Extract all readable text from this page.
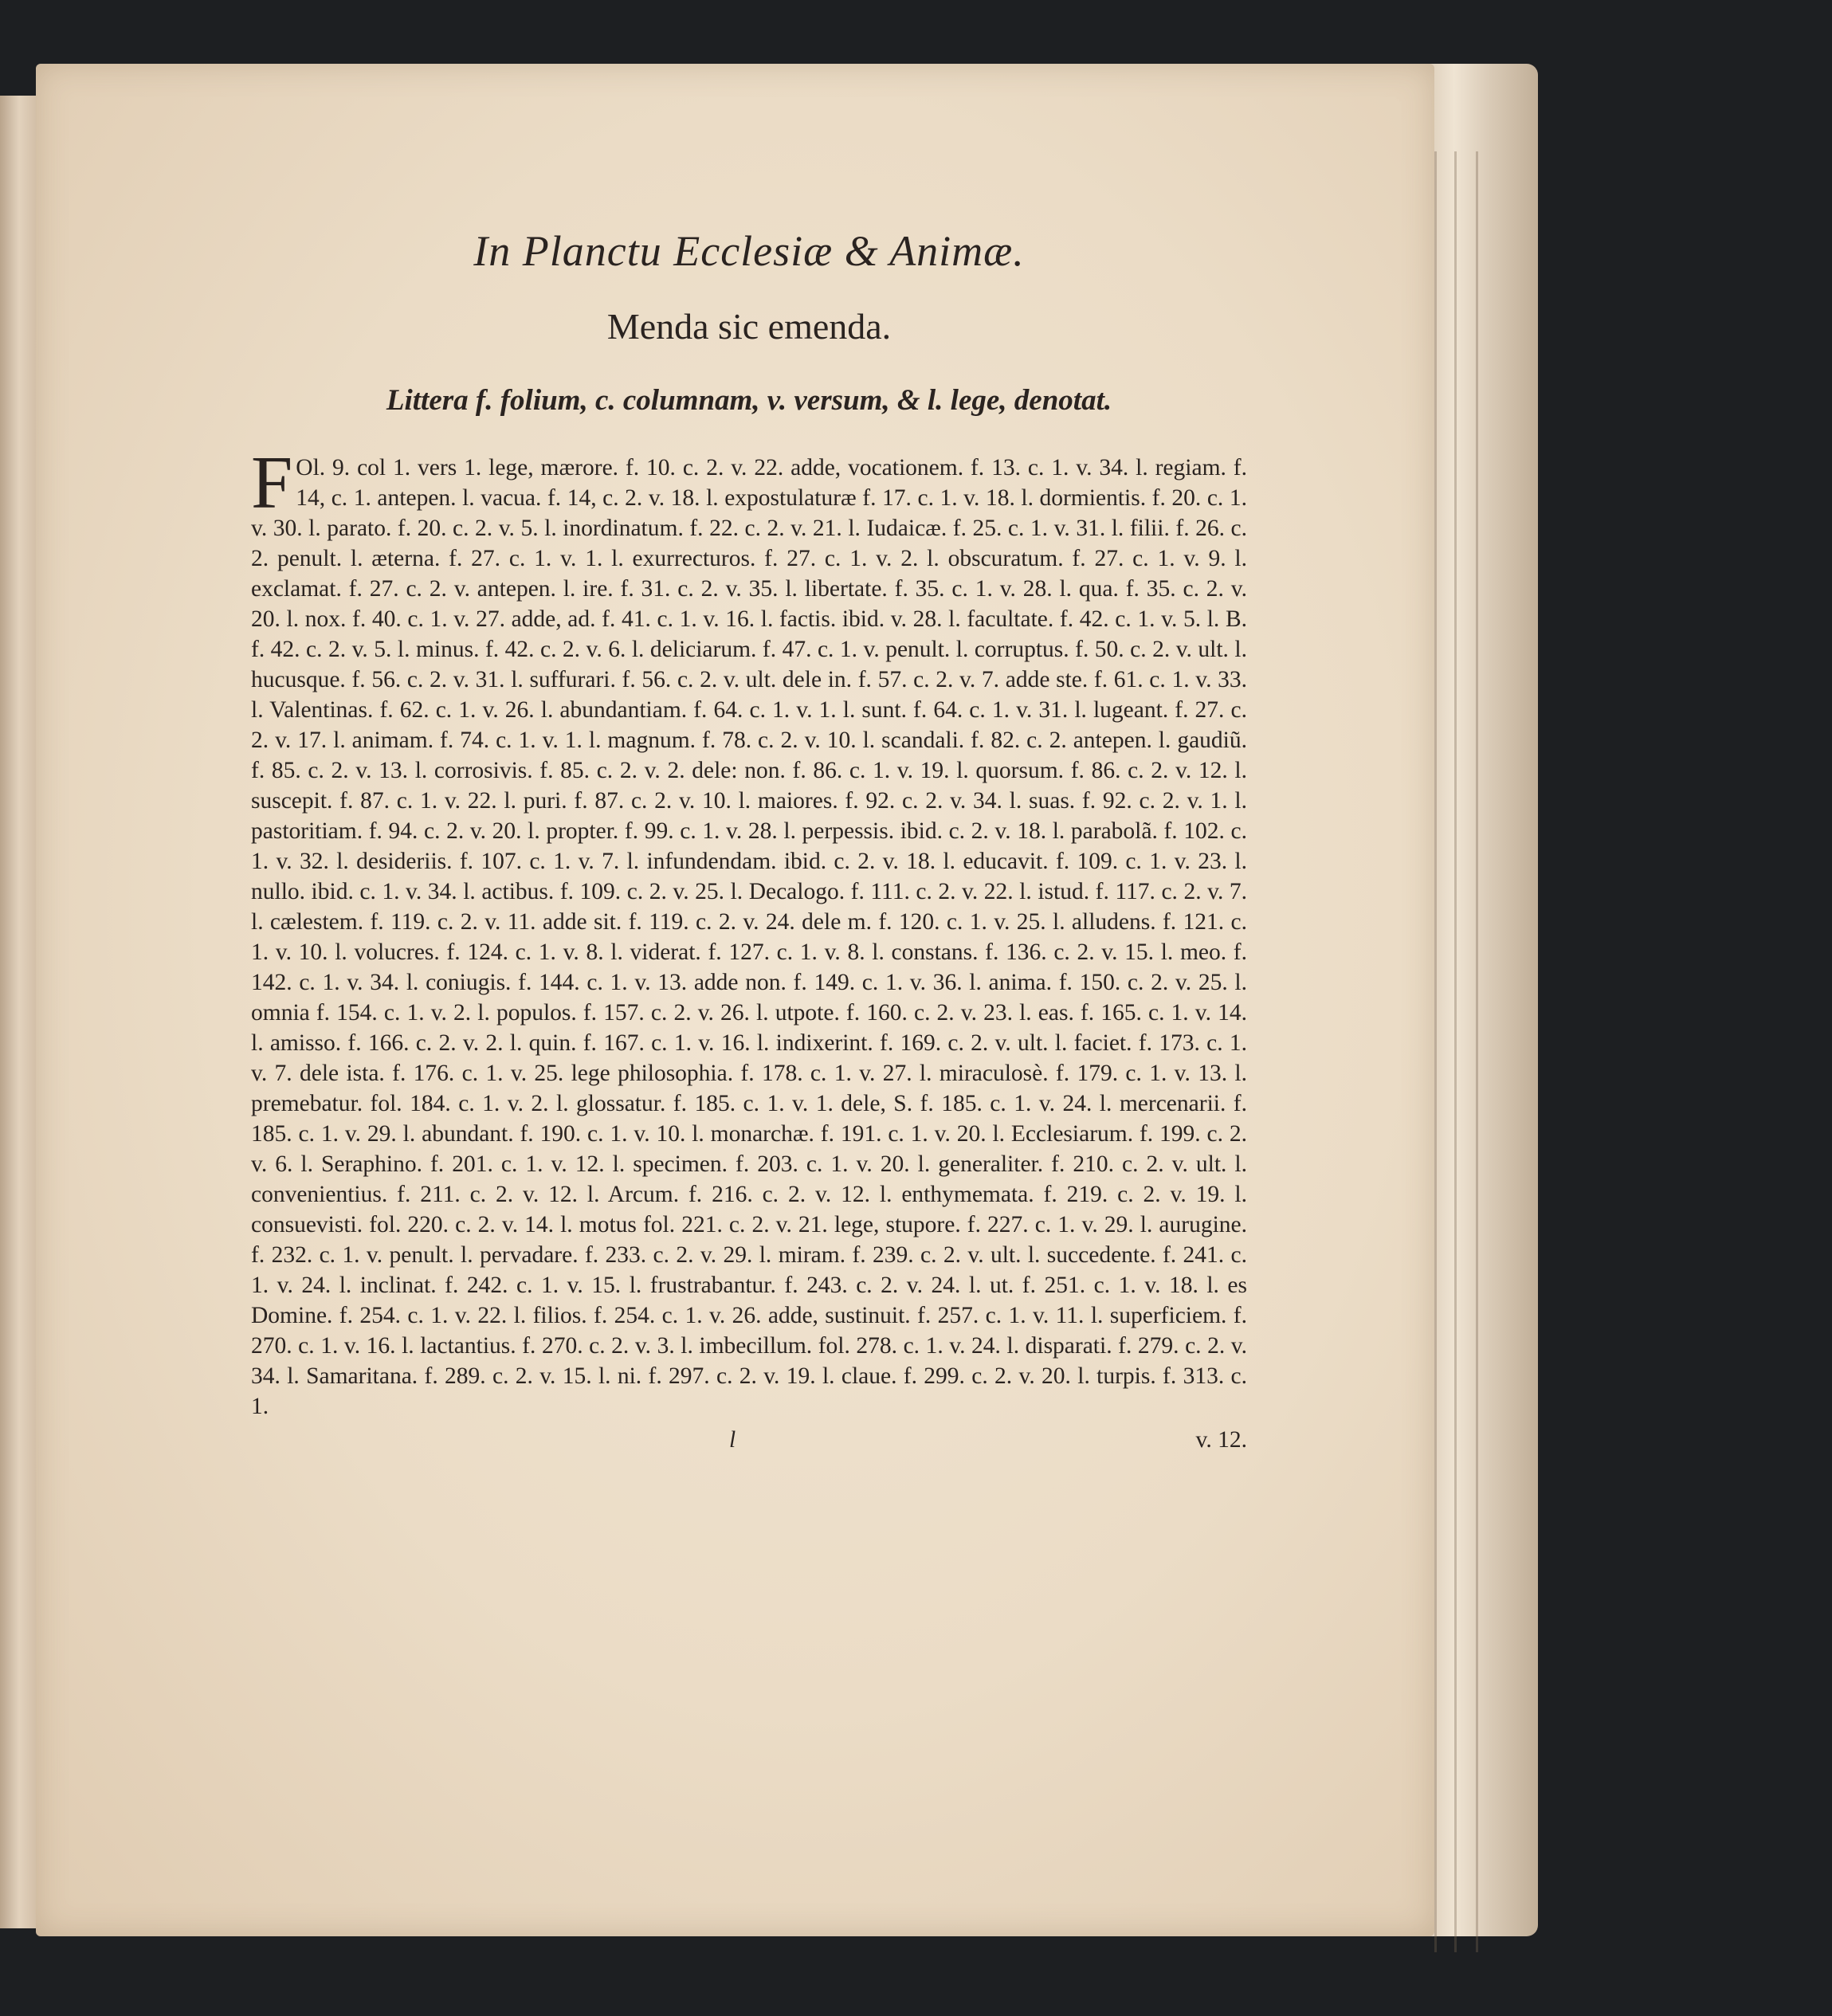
In Planctu Ecclesiæ & Animæ.
Menda sic emenda.
Littera f. folium, c. columnam, v. versum, & l. lege, denotat.

F Ol. 9. col 1. vers 1. lege, mærore. f. 10. c. 2. v. 22. adde, vocationem. f. 13. c. 1. v. 34. l. regiam. f. 14, c. 1. antepen. l. vacua. f. 14, c. 2. v. 18. l. expostulaturæ f. 17. c. 1. v. 18. l. dormientis. f. 20. c. 1. v. 30. l. parato. f. 20. c. 2. v. 5. l. inordinatum. f. 22. c. 2. v. 21. l. Iudaicæ. f. 25. c. 1. v. 31. l. filii. f. 26. c. 2. penult. l. æterna. f. 27. c. 1. v. 1. l. exurrecturos. f. 27. c. 1. v. 2. l. obscuratum. f. 27. c. 1. v. 9. l. exclamat. f. 27. c. 2. v. antepen. l. ire. f. 31. c. 2. v. 35. l. libertate. f. 35. c. 1. v. 28. l. qua. f. 35. c. 2. v. 20. l. nox. f. 40. c. 1. v. 27. adde, ad. f. 41. c. 1. v. 16. l. factis. ibid. v. 28. l. facultate. f. 42. c. 1. v. 5. l. B. f. 42. c. 2. v. 5. l. minus. f. 42. c. 2. v. 6. l. deliciarum. f. 47. c. 1. v. penult. l. corruptus. f. 50. c. 2. v. ult. l. hucusque. f. 56. c. 2. v. 31. l. suffurari. f. 56. c. 2. v. ult. dele in. f. 57. c. 2. v. 7. adde ste. f. 61. c. 1. v. 33. l. Valentinas. f. 62. c. 1. v. 26. l. abundantiam. f. 64. c. 1. v. 1. l. sunt. f. 64. c. 1. v. 31. l. lugeant. f. 27. c. 2. v. 17. l. animam. f. 74. c. 1. v. 1. l. magnum. f. 78. c. 2. v. 10. l. scandali. f. 82. c. 2. antepen. l. gaudiũ. f. 85. c. 2. v. 13. l. corrosivis. f. 85. c. 2. v. 2. dele: non. f. 86. c. 1. v. 19. l. quorsum. f. 86. c. 2. v. 12. l. suscepit. f. 87. c. 1. v. 22. l. puri. f. 87. c. 2. v. 10. l. maiores. f. 92. c. 2. v. 34. l. suas. f. 92. c. 2. v. 1. l. pastoritiam. f. 94. c. 2. v. 20. l. propter. f. 99. c. 1. v. 28. l. perpessis. ibid. c. 2. v. 18. l. parabolã. f. 102. c. 1. v. 32. l. desideriis. f. 107. c. 1. v. 7. l. infundendam. ibid. c. 2. v. 18. l. educavit. f. 109. c. 1. v. 23. l. nullo. ibid. c. 1. v. 34. l. actibus. f. 109. c. 2. v. 25. l. Decalogo. f. 111. c. 2. v. 22. l. istud. f. 117. c. 2. v. 7. l. cælestem. f. 119. c. 2. v. 11. adde sit. f. 119. c. 2. v. 24. dele m. f. 120. c. 1. v. 25. l. alludens. f. 121. c. 1. v. 10. l. volucres. f. 124. c. 1. v. 8. l. viderat. f. 127. c. 1. v. 8. l. constans. f. 136. c. 2. v. 15. l. meo. f. 142. c. 1. v. 34. l. coniugis. f. 144. c. 1. v. 13. adde non. f. 149. c. 1. v. 36. l. anima. f. 150. c. 2. v. 25. l. omnia f. 154. c. 1. v. 2. l. populos. f. 157. c. 2. v. 26. l. utpote. f. 160. c. 2. v. 23. l. eas. f. 165. c. 1. v. 14. l. amisso. f. 166. c. 2. v. 2. l. quin. f. 167. c. 1. v. 16. l. indixerint. f. 169. c. 2. v. ult. l. faciet. f. 173. c. 1. v. 7. dele ista. f. 176. c. 1. v. 25. lege philosophia. f. 178. c. 1. v. 27. l. miraculosè. f. 179. c. 1. v. 13. l. premebatur. fol. 184. c. 1. v. 2. l. glossatur. f. 185. c. 1. v. 1. dele, S. f. 185. c. 1. v. 24. l. mercenarii. f. 185. c. 1. v. 29. l. abundant. f. 190. c. 1. v. 10. l. monarchæ. f. 191. c. 1. v. 20. l. Ecclesiarum. f. 199. c. 2. v. 6. l. Seraphino. f. 201. c. 1. v. 12. l. specimen. f. 203. c. 1. v. 20. l. generaliter. f. 210. c. 2. v. ult. l. convenientius. f. 211. c. 2. v. 12. l. Arcum. f. 216. c. 2. v. 12. l. enthymemata. f. 219. c. 2. v. 19. l. consuevisti. fol. 220. c. 2. v. 14. l. motus fol. 221. c. 2. v. 21. lege, stupore. f. 227. c. 1. v. 29. l. aurugine. f. 232. c. 1. v. penult. l. pervadare. f. 233. c. 2. v. 29. l. miram. f. 239. c. 2. v. ult. l. succedente. f. 241. c. 1. v. 24. l. inclinat. f. 242. c. 1. v. 15. l. frustrabantur. f. 243. c. 2. v. 24. l. ut. f. 251. c. 1. v. 18. l. es Domine. f. 254. c. 1. v. 22. l. filios. f. 254. c. 1. v. 26. adde, sustinuit. f. 257. c. 1. v. 11. l. superficiem. f. 270. c. 1. v. 16. l. lactantius. f. 270. c. 2. v. 3. l. imbecillum. fol. 278. c. 1. v. 24. l. disparati. f. 279. c. 2. v. 34. l. Samaritana. f. 289. c. 2. v. 15. l. ni. f. 297. c. 2. v. 19. l. claue. f. 299. c. 2. v. 20. l. turpis. f. 313. c. 1.

l	v. 12.
